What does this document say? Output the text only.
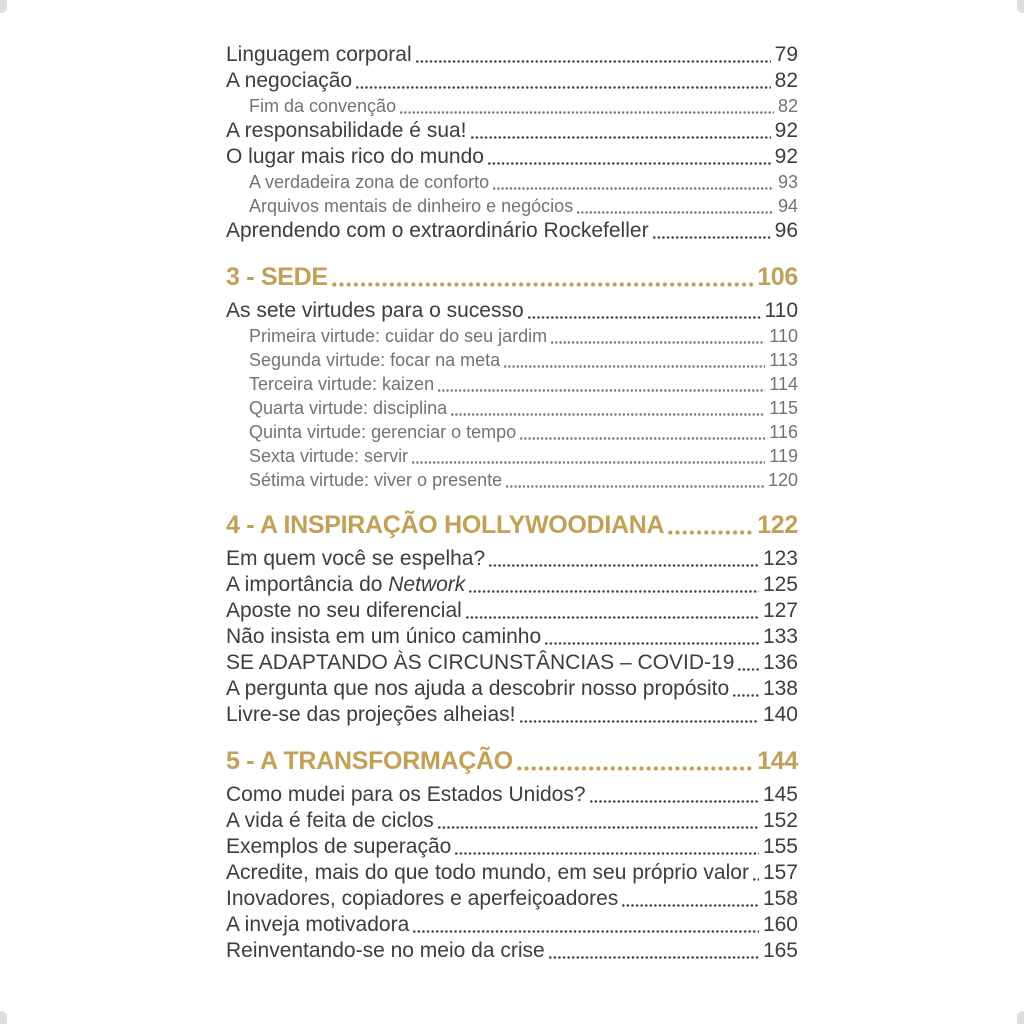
Linguagem corporal	79
A negociação	82
Fim da convenção	82
A responsabilidade é sua!	92
O lugar mais rico do mundo	92
A verdadeira zona de conforto	93
Arquivos mentais de dinheiro e negócios	94
Aprendendo com o extraordinário Rockefeller	96
3 - SEDE	106
As sete virtudes para o sucesso	110
Primeira virtude: cuidar do seu jardim	110
Segunda virtude: focar na meta	113
Terceira virtude: kaizen	114
Quarta virtude: disciplina	115
Quinta virtude: gerenciar o tempo	116
Sexta virtude: servir	119
Sétima virtude: viver o presente	120
4 - A INSPIRAÇÃO HOLLYWOODIANA	122
Em quem você se espelha?	123
A importância do Network	125
Aposte no seu diferencial	127
Não insista em um único caminho	133
SE ADAPTANDO ÀS CIRCUNSTÂNCIAS – COVID-19 136
A pergunta que nos ajuda a descobrir nosso propósito 138
Livre-se das projeções alheias!	140
5 - A TRANSFORMAÇÃO	144
Como mudei para os Estados Unidos?	145
A vida é feita de ciclos	152
Exemplos de superação	155
Acredite, mais do que todo mundo, em seu próprio valor 157
Inovadores, copiadores e aperfeiçoadores	158
A inveja motivadora	160
Reinventando-se no meio da crise	165
